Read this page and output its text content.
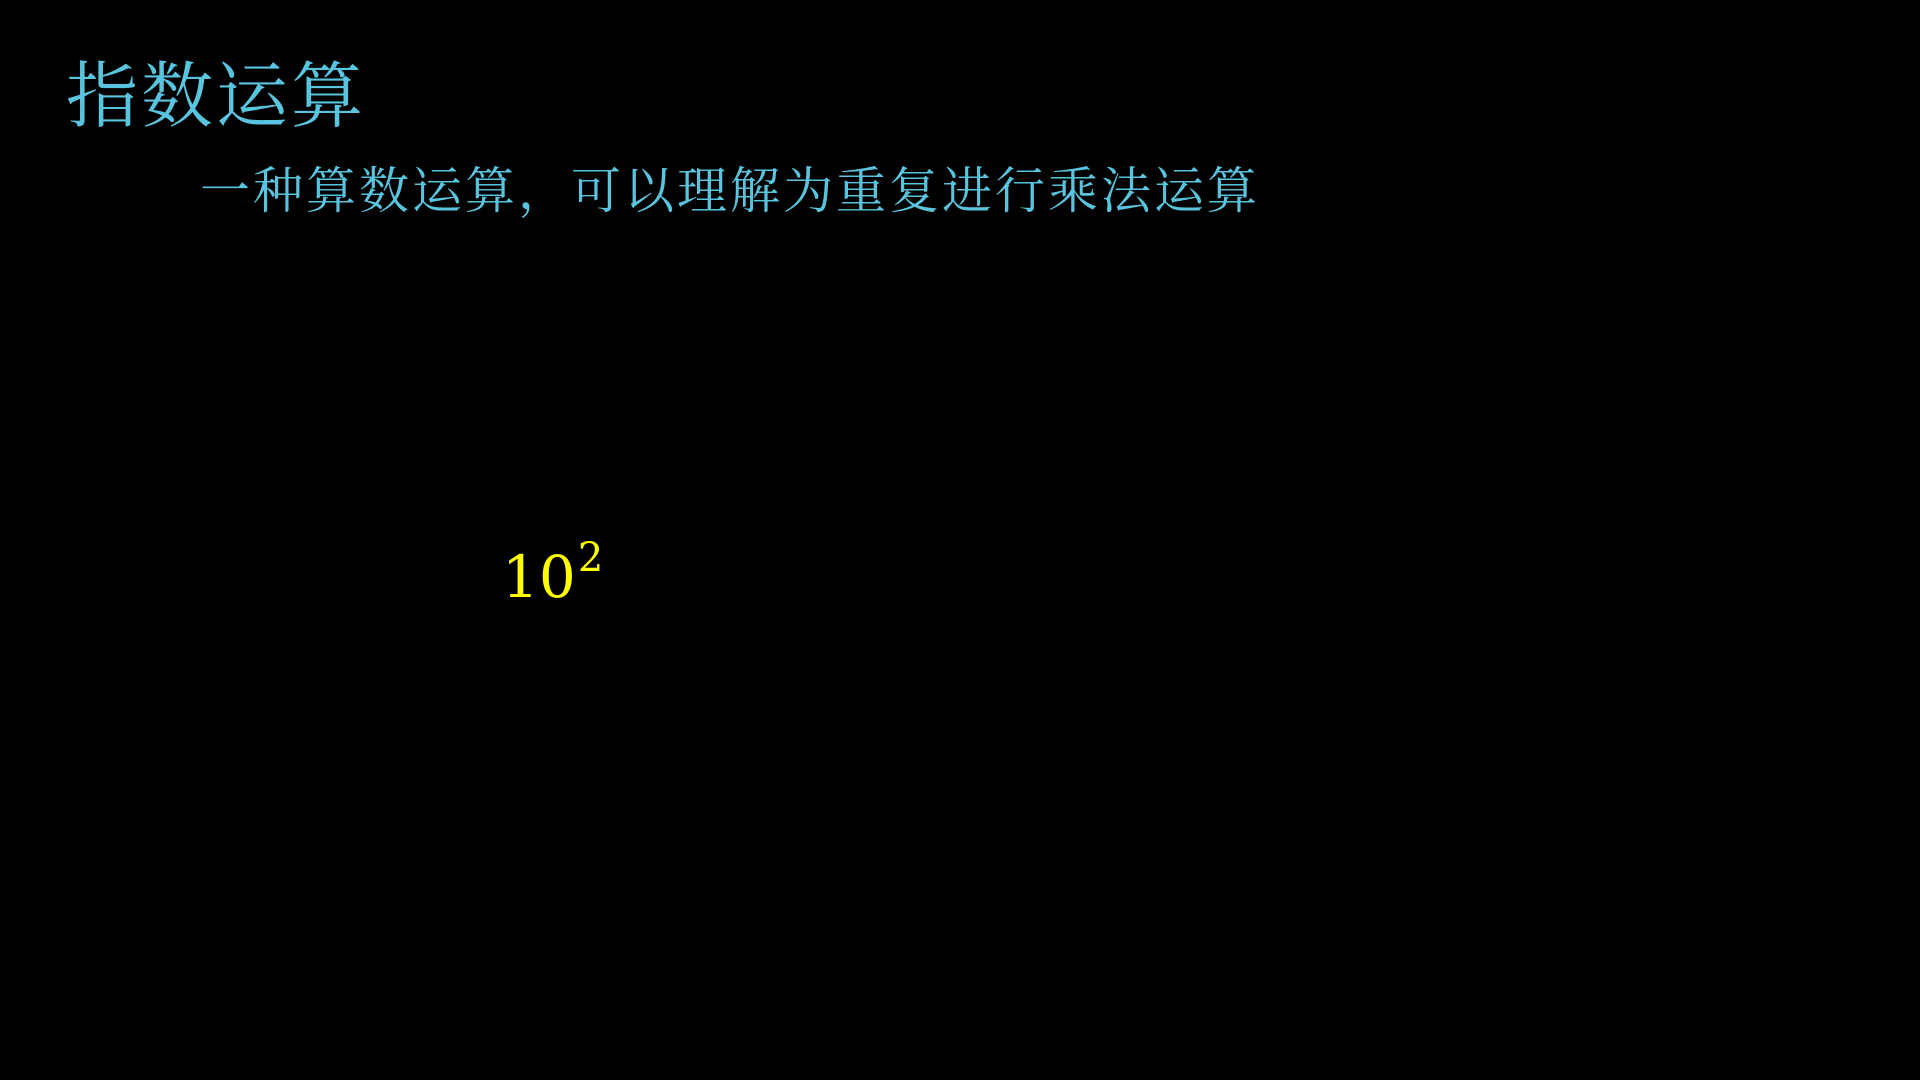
指数运算

一种算数运算，可以理解为重复进行乘法运算

102
